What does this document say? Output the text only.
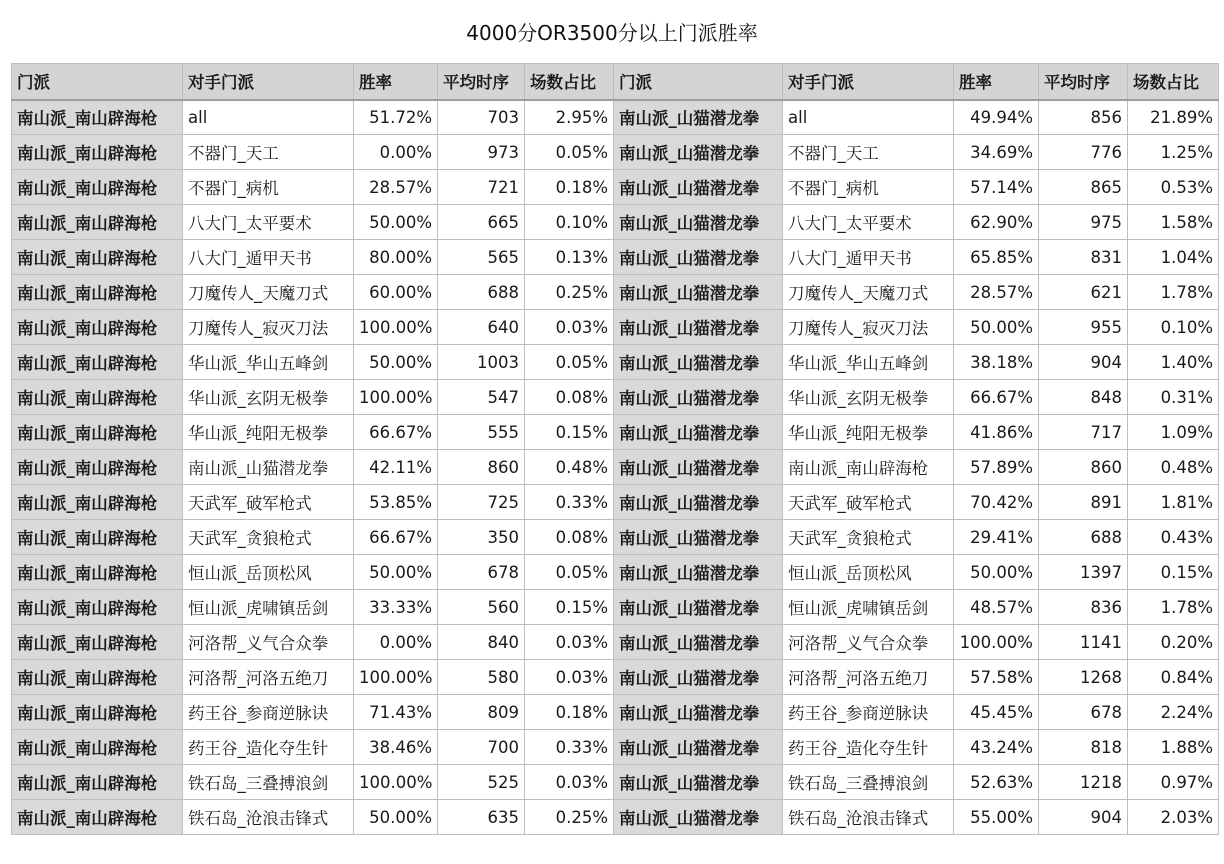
4000分OR3500分以上门派胜率
门派	对手门派	胜率	平均时序	场数占比	门派	对手门派	胜率	平均时序	场数占比
南山派_南山辟海枪	all	51.72%	703	2.95%	南山派_山猫潜龙拳	all	49.94%	856	21.89%
南山派_南山辟海枪	不器门_天工	0.00%	973	0.05%	南山派_山猫潜龙拳	不器门_天工	34.69%	776	1.25%
南山派_南山辟海枪	不器门_病机	28.57%	721	0.18%	南山派_山猫潜龙拳	不器门_病机	57.14%	865	0.53%
南山派_南山辟海枪	八大门_太平要术	50.00%	665	0.10%	南山派_山猫潜龙拳	八大门_太平要术	62.90%	975	1.58%
南山派_南山辟海枪	八大门_遁甲天书	80.00%	565	0.13%	南山派_山猫潜龙拳	八大门_遁甲天书	65.85%	831	1.04%
南山派_南山辟海枪	刀魔传人_天魔刀式	60.00%	688	0.25%	南山派_山猫潜龙拳	刀魔传人_天魔刀式	28.57%	621	1.78%
南山派_南山辟海枪	刀魔传人_寂灭刀法	100.00%	640	0.03%	南山派_山猫潜龙拳	刀魔传人_寂灭刀法	50.00%	955	0.10%
南山派_南山辟海枪	华山派_华山五峰剑	50.00%	1003	0.05%	南山派_山猫潜龙拳	华山派_华山五峰剑	38.18%	904	1.40%
南山派_南山辟海枪	华山派_玄阴无极拳	100.00%	547	0.08%	南山派_山猫潜龙拳	华山派_玄阴无极拳	66.67%	848	0.31%
南山派_南山辟海枪	华山派_纯阳无极拳	66.67%	555	0.15%	南山派_山猫潜龙拳	华山派_纯阳无极拳	41.86%	717	1.09%
南山派_南山辟海枪	南山派_山猫潜龙拳	42.11%	860	0.48%	南山派_山猫潜龙拳	南山派_南山辟海枪	57.89%	860	0.48%
南山派_南山辟海枪	天武军_破军枪式	53.85%	725	0.33%	南山派_山猫潜龙拳	天武军_破军枪式	70.42%	891	1.81%
南山派_南山辟海枪	天武军_贪狼枪式	66.67%	350	0.08%	南山派_山猫潜龙拳	天武军_贪狼枪式	29.41%	688	0.43%
南山派_南山辟海枪	恒山派_岳顶松风	50.00%	678	0.05%	南山派_山猫潜龙拳	恒山派_岳顶松风	50.00%	1397	0.15%
南山派_南山辟海枪	恒山派_虎啸镇岳剑	33.33%	560	0.15%	南山派_山猫潜龙拳	恒山派_虎啸镇岳剑	48.57%	836	1.78%
南山派_南山辟海枪	河洛帮_义气合众拳	0.00%	840	0.03%	南山派_山猫潜龙拳	河洛帮_义气合众拳	100.00%	1141	0.20%
南山派_南山辟海枪	河洛帮_河洛五绝刀	100.00%	580	0.03%	南山派_山猫潜龙拳	河洛帮_河洛五绝刀	57.58%	1268	0.84%
南山派_南山辟海枪	药王谷_参商逆脉诀	71.43%	809	0.18%	南山派_山猫潜龙拳	药王谷_参商逆脉诀	45.45%	678	2.24%
南山派_南山辟海枪	药王谷_造化夺生针	38.46%	700	0.33%	南山派_山猫潜龙拳	药王谷_造化夺生针	43.24%	818	1.88%
南山派_南山辟海枪	铁石岛_三叠搏浪剑	100.00%	525	0.03%	南山派_山猫潜龙拳	铁石岛_三叠搏浪剑	52.63%	1218	0.97%
南山派_南山辟海枪	铁石岛_沧浪击锋式	50.00%	635	0.25%	南山派_山猫潜龙拳	铁石岛_沧浪击锋式	55.00%	904	2.03%
